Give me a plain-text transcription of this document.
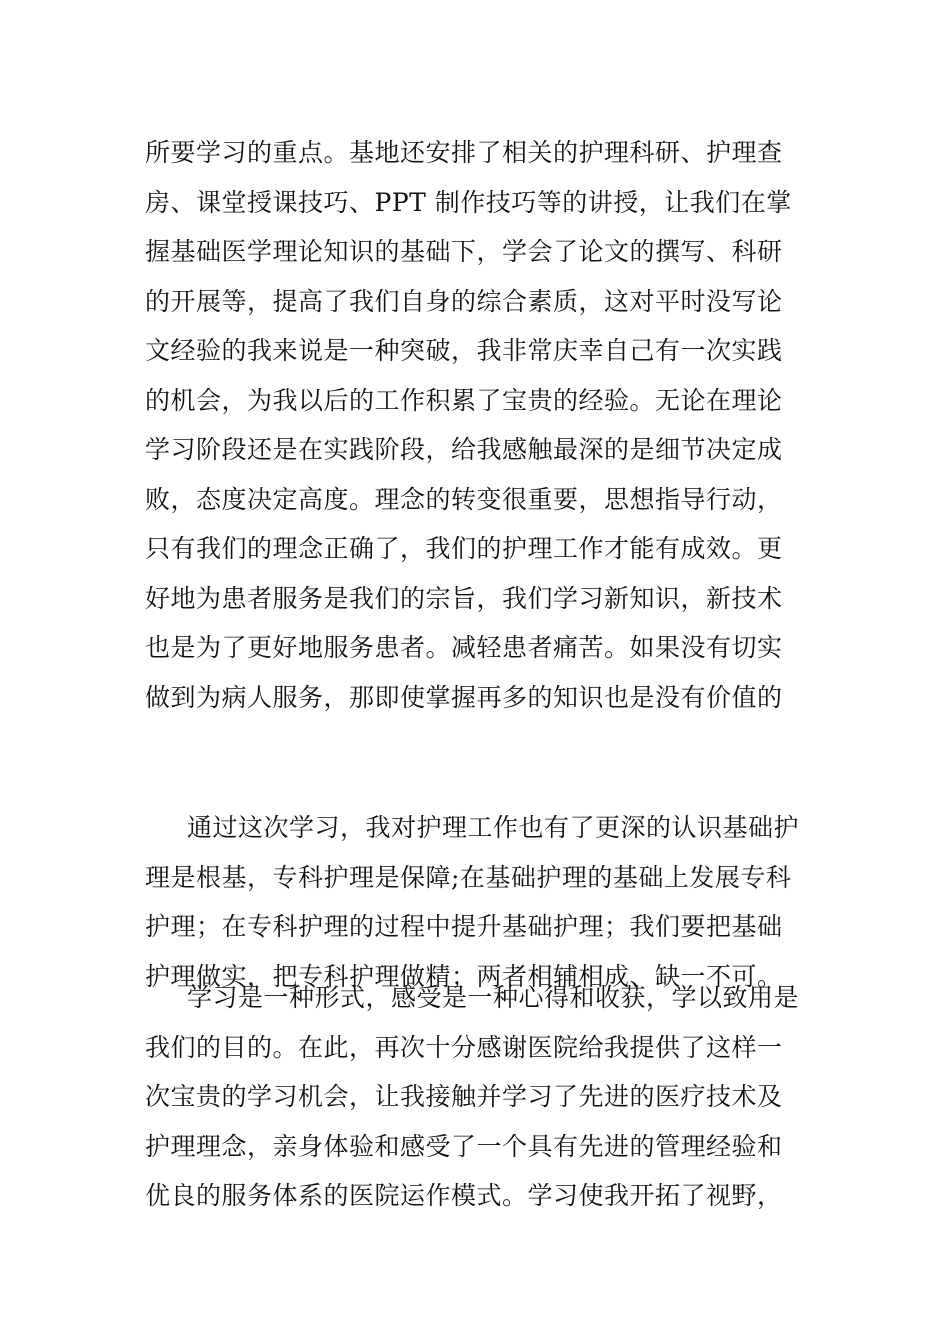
所要学习的重点。基地还安排了相关的护理科研、护理查
房、课堂授课技巧、PPT 制作技巧等的讲授，让我们在掌
握基础医学理论知识的基础下，学会了论文的撰写、科研
的开展等，提高了我们自身的综合素质，这对平时没写论
文经验的我来说是一种突破，我非常庆幸自己有一次实践
的机会，为我以后的工作积累了宝贵的经验。无论在理论
学习阶段还是在实践阶段，给我感触最深的是细节决定成
败，态度决定高度。理念的转变很重要，思想指导行动，
只有我们的理念正确了，我们的护理工作才能有成效。更
好地为患者服务是我们的宗旨，我们学习新知识，新技术
也是为了更好地服务患者。减轻患者痛苦。如果没有切实
做到为病人服务，那即使掌握再多的知识也是没有价值的

通过这次学习，我对护理工作也有了更深的认识基础护
理是根基，专科护理是保障;在基础护理的基础上发展专科
护理；在专科护理的过程中提升基础护理；我们要把基础
护理做实，把专科护理做精；两者相辅相成、缺一不可。

学习是一种形式，感受是一种心得和收获，学以致用是
我们的目的。在此，再次十分感谢医院给我提供了这样一
次宝贵的学习机会，让我接触并学习了先进的医疗技术及
护理理念，亲身体验和感受了一个具有先进的管理经验和
优良的服务体系的医院运作模式。学习使我开拓了视野，
